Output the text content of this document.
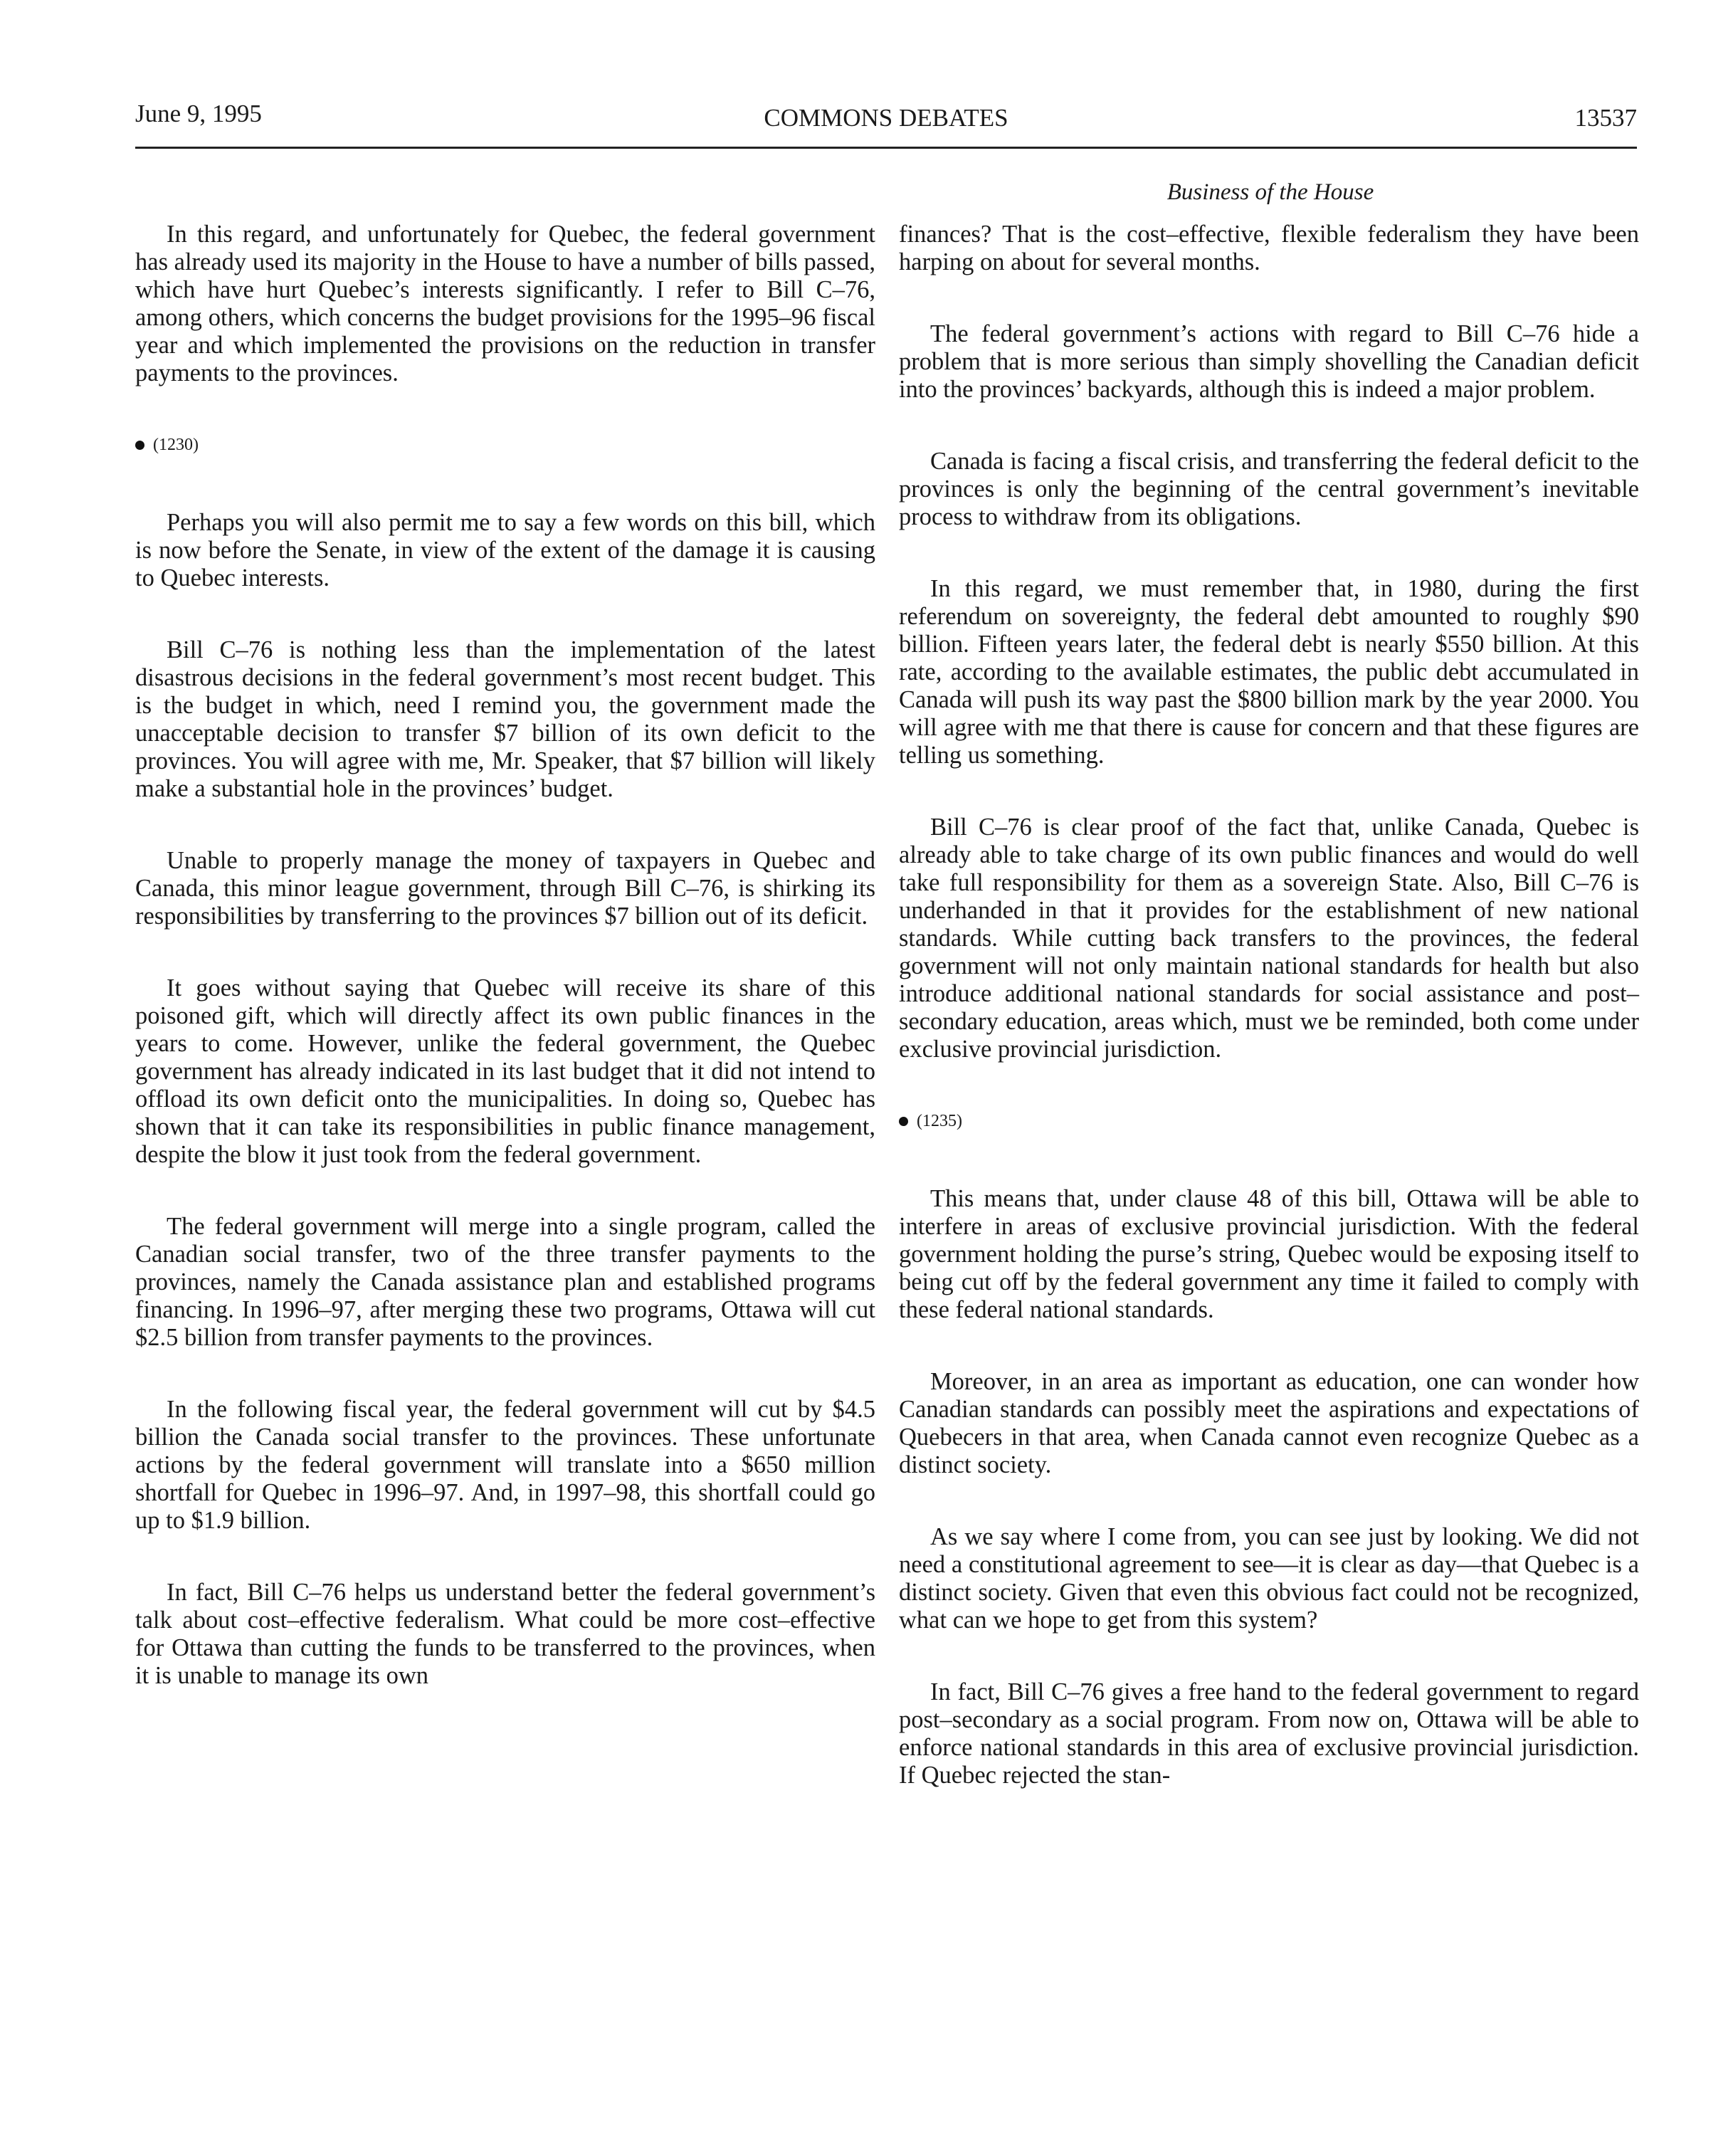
June 9, 1995	COMMONS DEBATES	13537
Business of the House

In this regard, and unfortunately for Quebec, the federal government has already used its majority in the House to have a number of bills passed, which have hurt Quebec’s interests significantly. I refer to Bill C–76, among others, which concerns the budget provisions for the 1995–96 fiscal year and which implemented the provisions on the reduction in transfer payments to the provinces.

(1230)

Perhaps you will also permit me to say a few words on this bill, which is now before the Senate, in view of the extent of the damage it is causing to Quebec interests.

Bill C–76 is nothing less than the implementation of the latest disastrous decisions in the federal government’s most recent budget. This is the budget in which, need I remind you, the government made the unacceptable decision to transfer $7 billion of its own deficit to the provinces. You will agree with me, Mr. Speaker, that $7 billion will likely make a substantial hole in the provinces’ budget.

Unable to properly manage the money of taxpayers in Quebec and Canada, this minor league government, through Bill C–76, is shirking its responsibilities by transferring to the provinces $7 billion out of its deficit.

It goes without saying that Quebec will receive its share of this poisoned gift, which will directly affect its own public finances in the years to come. However, unlike the federal government, the Quebec government has already indicated in its last budget that it did not intend to offload its own deficit onto the municipalities. In doing so, Quebec has shown that it can take its responsibilities in public finance management, despite the blow it just took from the federal government.

The federal government will merge into a single program, called the Canadian social transfer, two of the three transfer payments to the provinces, namely the Canada assistance plan and established programs financing. In 1996–97, after merging these two programs, Ottawa will cut $2.5 billion from transfer payments to the provinces.

In the following fiscal year, the federal government will cut by $4.5 billion the Canada social transfer to the provinces. These unfortunate actions by the federal government will translate into a $650 million shortfall for Quebec in 1996–97. And, in 1997–98, this shortfall could go up to $1.9 billion.

In fact, Bill C–76 helps us understand better the federal government’s talk about cost–effective federalism. What could be more cost–effective for Ottawa than cutting the funds to be transferred to the provinces, when it is unable to manage its own

finances? That is the cost–effective, flexible federalism they have been harping on about for several months.

The federal government’s actions with regard to Bill C–76 hide a problem that is more serious than simply shovelling the Canadian deficit into the provinces’ backyards, although this is indeed a major problem.

Canada is facing a fiscal crisis, and transferring the federal deficit to the provinces is only the beginning of the central government’s inevitable process to withdraw from its obligations.

In this regard, we must remember that, in 1980, during the first referendum on sovereignty, the federal debt amounted to roughly $90 billion. Fifteen years later, the federal debt is nearly $550 billion. At this rate, according to the available estimates, the public debt accumulated in Canada will push its way past the $800 billion mark by the year 2000. You will agree with me that there is cause for concern and that these figures are telling us something.

Bill C–76 is clear proof of the fact that, unlike Canada, Quebec is already able to take charge of its own public finances and would do well take full responsibility for them as a sovereign State. Also, Bill C–76 is underhanded in that it provides for the establishment of new national standards. While cutting back transfers to the provinces, the federal government will not only maintain national standards for health but also introduce additional national standards for social assistance and post–secondary education, areas which, must we be reminded, both come under exclusive provincial jurisdiction.

(1235)

This means that, under clause 48 of this bill, Ottawa will be able to interfere in areas of exclusive provincial jurisdiction. With the federal government holding the purse’s string, Quebec would be exposing itself to being cut off by the federal government any time it failed to comply with these federal national standards.

Moreover, in an area as important as education, one can wonder how Canadian standards can possibly meet the aspirations and expectations of Quebecers in that area, when Canada cannot even recognize Quebec as a distinct society.

As we say where I come from, you can see just by looking. We did not need a constitutional agreement to see—it is clear as day—that Quebec is a distinct society. Given that even this obvious fact could not be recognized, what can we hope to get from this system?

In fact, Bill C–76 gives a free hand to the federal government to regard post–secondary as a social program. From now on, Ottawa will be able to enforce national standards in this area of exclusive provincial jurisdiction. If Quebec rejected the stan-
